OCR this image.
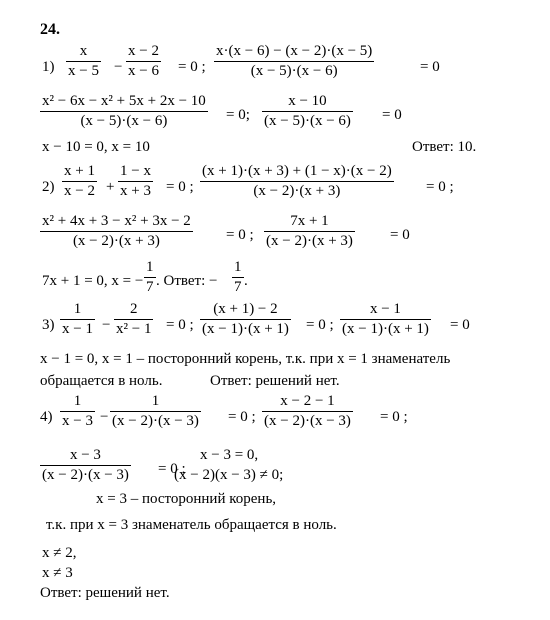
24.
1)
x
x − 5 −
x − 2
x − 6 = 0 ;
x·(x − 6) − (x − 2)·(x − 5)
(x − 5)·(x − 6)	= 0
x² − 6x − x² + 5x + 2x − 10
(x − 5)·(x − 6)	= 0;
x − 10
(x − 5)·(x − 6) = 0
x − 10 = 0, x = 10	Ответ: 10.
2)
x + 1
x − 2 +
1 − x
x + 3 = 0 ;
(x + 1)·(x + 3) + (1 − x)·(x − 2)
(x − 2)·(x + 3)	= 0 ;
x² + 4x + 3 − x² + 3x − 2
(x − 2)·(x + 3)	= 0 ;
7x + 1
(x − 2)·(x + 3) = 0
7x + 1 = 0, x = −
1
7 . Ответ: −
1
7 .
3)
1
x − 1 −
2
x² − 1 = 0 ;
(x + 1) − 2
(x − 1)·(x + 1) = 0 ;
x − 1
(x − 1)·(x + 1) = 0
x − 1 = 0, x = 1 – посторонний корень, т.к. при x = 1 знаменатель
обращается в ноль.	Ответ: решений нет.
4)
1
x − 3 −
1
(x − 2)·(x − 3) = 0 ;
x − 2 − 1
(x − 2)·(x − 3) = 0 ;
x − 3
(x − 2)·(x − 3) = 0 ;
x − 3 = 0,
(x − 2)(x − 3) ≠ 0;
x = 3 – посторонний корень,
т.к. при x = 3 знаменатель обращается в ноль.
x ≠ 2,
x ≠ 3
Ответ: решений нет.
